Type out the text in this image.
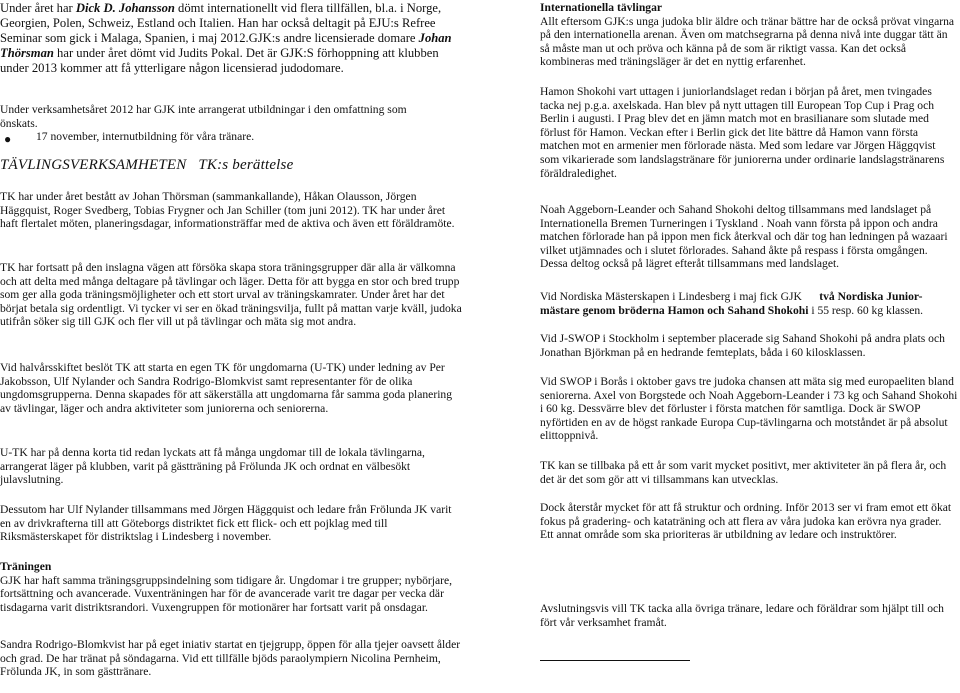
Under året har Dick D. Johansson dömt internationellt vid flera tillfällen, bl.a. i Norge, Georgien, Polen, Schweiz, Estland och Italien. Han har också deltagit på EJU:s Refree Seminar som gick i Malaga, Spanien, i maj 2012.GJK:s andre licensierade domare Johan Thörsman har under året dömt vid Judits Pokal. Det är GJK:S förhoppning att klubben under 2013 kommer att få ytterligare någon licensierad judodomare.

Under verksamhetsåret 2012 har GJK inte arrangerat utbildningar i den omfattning som önskats.

● 17 november, internutbildning för våra tränare.

TÄVLINGSVERKSAMHETEN TK:s berättelse

TK har under året bestått av Johan Thörsman (sammankallande), Håkan Olausson, Jörgen Häggquist, Roger Svedberg, Tobias Frygner och Jan Schiller (tom juni 2012). TK har under året haft flertalet möten, planeringsdagar, informationsträffar med de aktiva och även ett föräldramöte.

TK har fortsatt på den inslagna vägen att försöka skapa stora träningsgrupper där alla är välkomna och att delta med många deltagare på tävlingar och läger. Detta för att bygga en stor och bred trupp som ger alla goda träningsmöjligheter och ett stort urval av träningskamrater. Under året har det börjat betala sig ordentligt. Vi tycker vi ser en ökad träningsvilja, fullt på mattan varje kväll, judoka utifrån söker sig till GJK och fler vill ut på tävlingar och mäta sig mot andra.

Vid halvårsskiftet beslöt TK att starta en egen TK för ungdomarna (U-TK) under ledning av Per Jakobsson, Ulf Nylander och Sandra Rodrigo-Blomkvist samt representanter för de olika ungdomsgrupperna. Denna skapades för att säkerställa att ungdomarna får samma goda planering av tävlingar, läger och andra aktiviteter som juniorerna och seniorerna.

U-TK har på denna korta tid redan lyckats att få många ungdomar till de lokala tävlingarna, arrangerat läger på klubben, varit på gästträning på Frölunda JK och ordnat en välbesökt julavslutning.

Dessutom har Ulf Nylander tillsammans med Jörgen Häggquist och ledare från Frölunda JK varit en av drivkrafterna till att Göteborgs distriktet fick ett flick- och ett pojklag med till Riksmästerskapet för distriktslag i Lindesberg i november.

Träningen

GJK har haft samma träningsgruppsindelning som tidigare år. Ungdomar i tre grupper; nybörjare, fortsättning och avancerade. Vuxenträningen har för de avancerade varit tre dagar per vecka där tisdagarna varit distriktsrandori. Vuxengruppen för motionärer har fortsatt varit på onsdagar.

Sandra Rodrigo-Blomkvist har på eget iniativ startat en tjejgrupp, öppen för alla tjejer oavsett ålder och grad. De har tränat på söndagarna. Vid ett tillfälle bjöds paraolympiern Nicolina Pernheim, Frölunda JK, in som gästtränare.

Internationella tävlingar

Allt eftersom GJK:s unga judoka blir äldre och tränar bättre har de också prövat vingarna på den internationella arenan. Även om matchsegrarna på denna nivå inte duggar tätt än så måste man ut och pröva och känna på de som är riktigt vassa. Kan det också kombineras med träningsläger är det en nyttig erfarenhet.

Hamon Shokohi vart uttagen i juniorlandslaget redan i början på året, men tvingades tacka nej p.g.a. axelskada. Han blev på nytt uttagen till European Top Cup i Prag och Berlin i augusti. I Prag blev det en jämn match mot en brasilianare som slutade med förlust för Hamon. Veckan efter i Berlin gick det lite bättre då Hamon vann första matchen mot en armenier men förlorade nästa. Med som ledare var Jörgen Häggqvist som vikarierade som landslagstränare för juniorerna under ordinarie landslagstränarens föräldraledighet.

Noah Aggeborn-Leander och Sahand Shokohi deltog tillsammans med landslaget på Internationella Bremen Turneringen i Tyskland . Noah vann första på ippon och andra matchen förlorade han på ippon men fick återkval och där tog han ledningen på wazaari vilket utjämnades och i slutet förlorades. Sahand åkte på respass i första omgången. Dessa deltog också på lägret efteråt tillsammans med landslaget.

Vid Nordiska Mästerskapen i Lindesberg i maj fick GJK      två Nordiska Junior-mästare genom bröderna Hamon och Sahand Shokohi i 55 resp. 60 kg klassen.

Vid J-SWOP i Stockholm i september placerade sig Sahand Shokohi på andra plats och Jonathan Björkman på en hedrande femteplats, båda i 60 kilosklassen.

Vid SWOP i Borås i oktober gavs tre judoka chansen att mäta sig med europaeliten bland seniorerna. Axel von Borgstede och Noah Aggeborn-Leander i 73 kg och Sahand Shokohi i 60 kg. Dessvärre blev det förluster i första matchen för samtliga. Dock är SWOP nyförtiden en av de högst rankade Europa Cup-tävlingarna och motståndet är på absolut elittoppnivå.

TK kan se tillbaka på ett år som varit mycket positivt, mer aktiviteter än på flera år, och det är det som gör att vi tillsammans kan utvecklas.

Dock återstår mycket för att få struktur och ordning. Inför 2013 ser vi fram emot ett ökat fokus på gradering- och kataträning och att flera av våra judoka kan erövra nya grader. Ett annat område som ska prioriteras är utbildning av ledare och instruktörer.

Avslutningsvis vill TK tacka alla övriga tränare, ledare och föräldrar som hjälpt till och fört vår verksamhet framåt.
